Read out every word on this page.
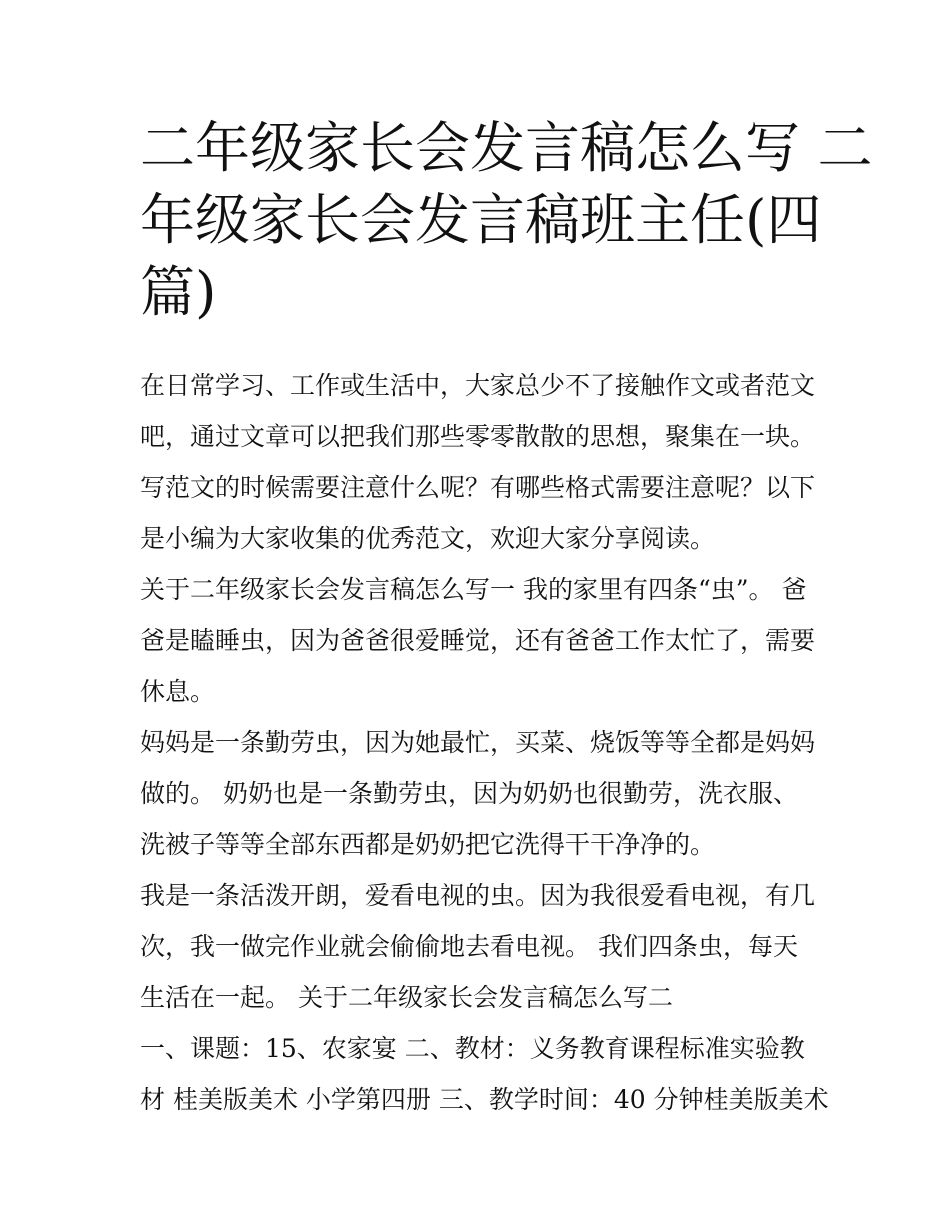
二年级家长会发言稿怎么写 二
年级家长会发言稿班主任(四
篇)
在日常学习、工作或生活中，大家总少不了接触作文或者范文
吧，通过文章可以把我们那些零零散散的思想，聚集在一块。
写范文的时候需要注意什么呢？有哪些格式需要注意呢？以下
是小编为大家收集的优秀范文，欢迎大家分享阅读。
关于二年级家长会发言稿怎么写一 我的家里有四条“虫”。 爸
爸是瞌睡虫，因为爸爸很爱睡觉，还有爸爸工作太忙了，需要
休息。
妈妈是一条勤劳虫，因为她最忙，买菜、烧饭等等全都是妈妈
做的。 奶奶也是一条勤劳虫，因为奶奶也很勤劳，洗衣服、
洗被子等等全部东西都是奶奶把它洗得干干净净的。
我是一条活泼开朗，爱看电视的虫。因为我很爱看电视，有几
次，我一做完作业就会偷偷地去看电视。 我们四条虫，每天
生活在一起。 关于二年级家长会发言稿怎么写二
一、课题：15、农家宴 二、教材：义务教育课程标准实验教
材 桂美版美术 小学第四册 三、教学时间：40 分钟桂美版美术
